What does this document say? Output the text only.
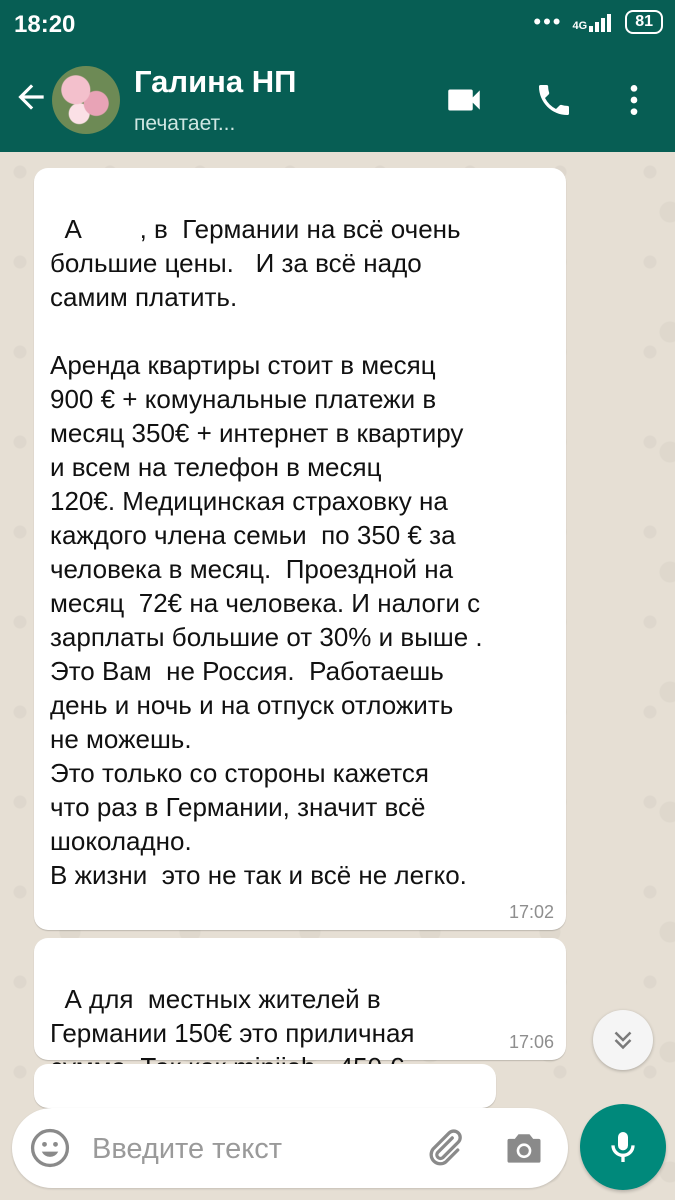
18:20	••• 4G	81
Галина НП
печатает...

А        , в  Германии на всё очень
большие цены.   И за всё надо
самим платить.

Аренда квартиры стоит в месяц
900 € + комунальные платежи в
месяц 350€ + интернет в квартиру
и всем на телефон в месяц
120€. Медицинская страховку на
каждого члена семьи  по 350 € за
человека в месяц.  Проездной на
месяц  72€ на человека. И налоги с
зарплаты большие от 30% и выше .
Это Вам  не Россия.  Работаешь
день и ночь и на отпуск отложить
не можешь.
Это только со стороны кажется
что раз в Германии, значит всё
шоколадно.
В жизни  это не так и всё не легко.

17:02

А для  местных жителей в
Германии 150€ это приличная

	17:06

Введите текст
